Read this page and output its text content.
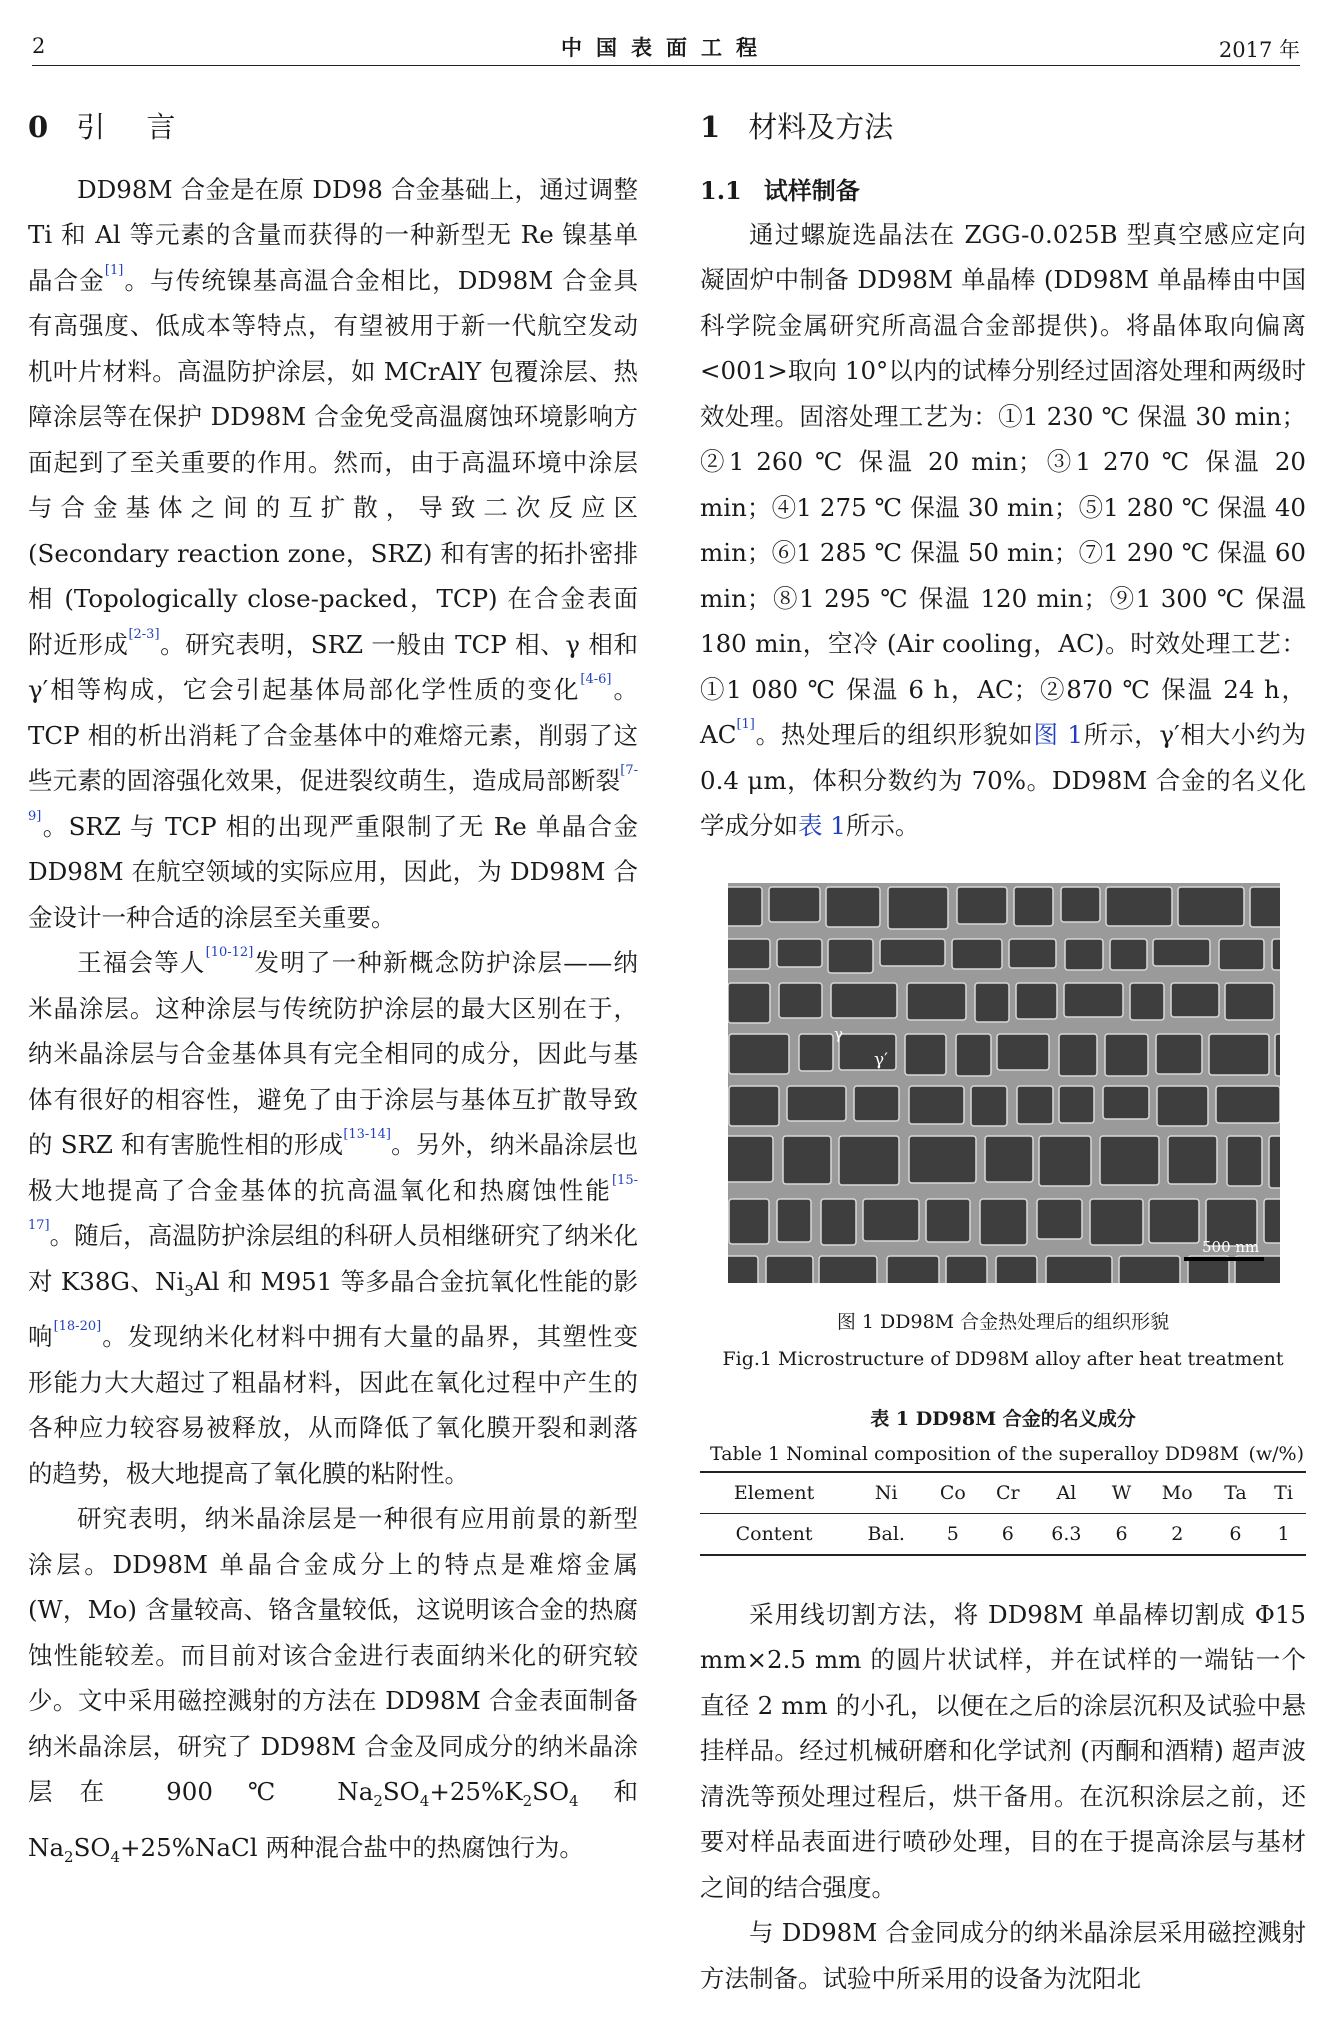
2	中国表面工程	2017 年
0 引 言

DD98M 合金是在原 DD98 合金基础上，通过调整 Ti 和 Al 等元素的含量而获得的一种新型无 Re 镍基单晶合金[1]。与传统镍基高温合金相比，DD98M 合金具有高强度、低成本等特点，有望被用于新一代航空发动机叶片材料。高温防护涂层，如 MCrAlY 包覆涂层、热障涂层等在保护 DD98M 合金免受高温腐蚀环境影响方面起到了至关重要的作用。然而，由于高温环境中涂层与合金基体之间的互扩散，导致二次反应区 (Secondary reaction zone，SRZ) 和有害的拓扑密排相 (Topologically close-packed，TCP) 在合金表面附近形成[2-3]。研究表明，SRZ 一般由 TCP 相、γ 相和 γ′相等构成，它会引起基体局部化学性质的变化[4-6]。TCP 相的析出消耗了合金基体中的难熔元素，削弱了这些元素的固溶强化效果，促进裂纹萌生，造成局部断裂[7-9]。SRZ 与 TCP 相的出现严重限制了无 Re 单晶合金 DD98M 在航空领域的实际应用，因此，为 DD98M 合金设计一种合适的涂层至关重要。

王福会等人[10-12]发明了一种新概念防护涂层——纳米晶涂层。这种涂层与传统防护涂层的最大区别在于，纳米晶涂层与合金基体具有完全相同的成分，因此与基体有很好的相容性，避免了由于涂层与基体互扩散导致的 SRZ 和有害脆性相的形成[13-14]。另外，纳米晶涂层也极大地提高了合金基体的抗高温氧化和热腐蚀性能[15-17]。随后，高温防护涂层组的科研人员相继研究了纳米化对 K38G、$Ni_3Al$ 和 M951 等多晶合金抗氧化性能的影响[18-20]。发现纳米化材料中拥有大量的晶界，其塑性变形能力大大超过了粗晶材料，因此在氧化过程中产生的各种应力较容易被释放，从而降低了氧化膜开裂和剥落的趋势，极大地提高了氧化膜的粘附性。

研究表明，纳米晶涂层是一种很有应用前景的新型涂层。DD98M 单晶合金成分上的特点是难熔金属 (W，Mo) 含量较高、铬含量较低，这说明该合金的热腐蚀性能较差。而目前对该合金进行表面纳米化的研究较少。文中采用磁控溅射的方法在 DD98M 合金表面制备纳米晶涂层，研究了 DD98M 合金及同成分的纳米晶涂层在 900 ℃ $Na_2SO_4+25\%K_2SO_4$ 和 $Na_2SO_4+25\%NaCl$ 两种混合盐中的热腐蚀行为。

1 材料及方法
1.1 试样制备

通过螺旋选晶法在 ZGG-0.025B 型真空感应定向凝固炉中制备 DD98M 单晶棒 (DD98M 单晶棒由中国科学院金属研究所高温合金部提供)。将晶体取向偏离<001>取向 10°以内的试棒分别经过固溶处理和两级时效处理。固溶处理工艺为：①1 230 ℃ 保温 30 min；②1 260 ℃ 保温 20 min；③1 270 ℃ 保温 20 min；④1 275 ℃ 保温 30 min；⑤1 280 ℃ 保温 40 min；⑥1 285 ℃ 保温 50 min；⑦1 290 ℃ 保温 60 min；⑧1 295 ℃ 保温 120 min；⑨1 300 ℃ 保温 180 min，空冷 (Air cooling，AC)。时效处理工艺：①1 080 ℃ 保温 6 h，AC；②870 ℃ 保温 24 h，AC[1]。热处理后的组织形貌如图 1所示，γ′相大小约为 0.4 μm，体积分数约为 70%。DD98M 合金的名义化学成分如表 1所示。

γ
γ′
500 nm
图 1 DD98M 合金热处理后的组织形貌
Fig.1 Microstructure of DD98M alloy after heat treatment
表 1 DD98M 合金的名义成分
Table 1 Nominal composition of the superalloy DD98M (w/%)
Element	Ni	Co	Cr	Al	W	Mo	Ta	Ti
Content	Bal.	5	6	6.3	6	2	6	1

采用线切割方法，将 DD98M 单晶棒切割成 Φ15 mm×2.5 mm 的圆片状试样，并在试样的一端钻一个直径 2 mm 的小孔，以便在之后的涂层沉积及试验中悬挂样品。经过机械研磨和化学试剂 (丙酮和酒精) 超声波清洗等预处理过程后，烘干备用。在沉积涂层之前，还要对样品表面进行喷砂处理，目的在于提高涂层与基材之间的结合强度。

与 DD98M 合金同成分的纳米晶涂层采用磁控溅射方法制备。试验中所采用的设备为沈阳北
